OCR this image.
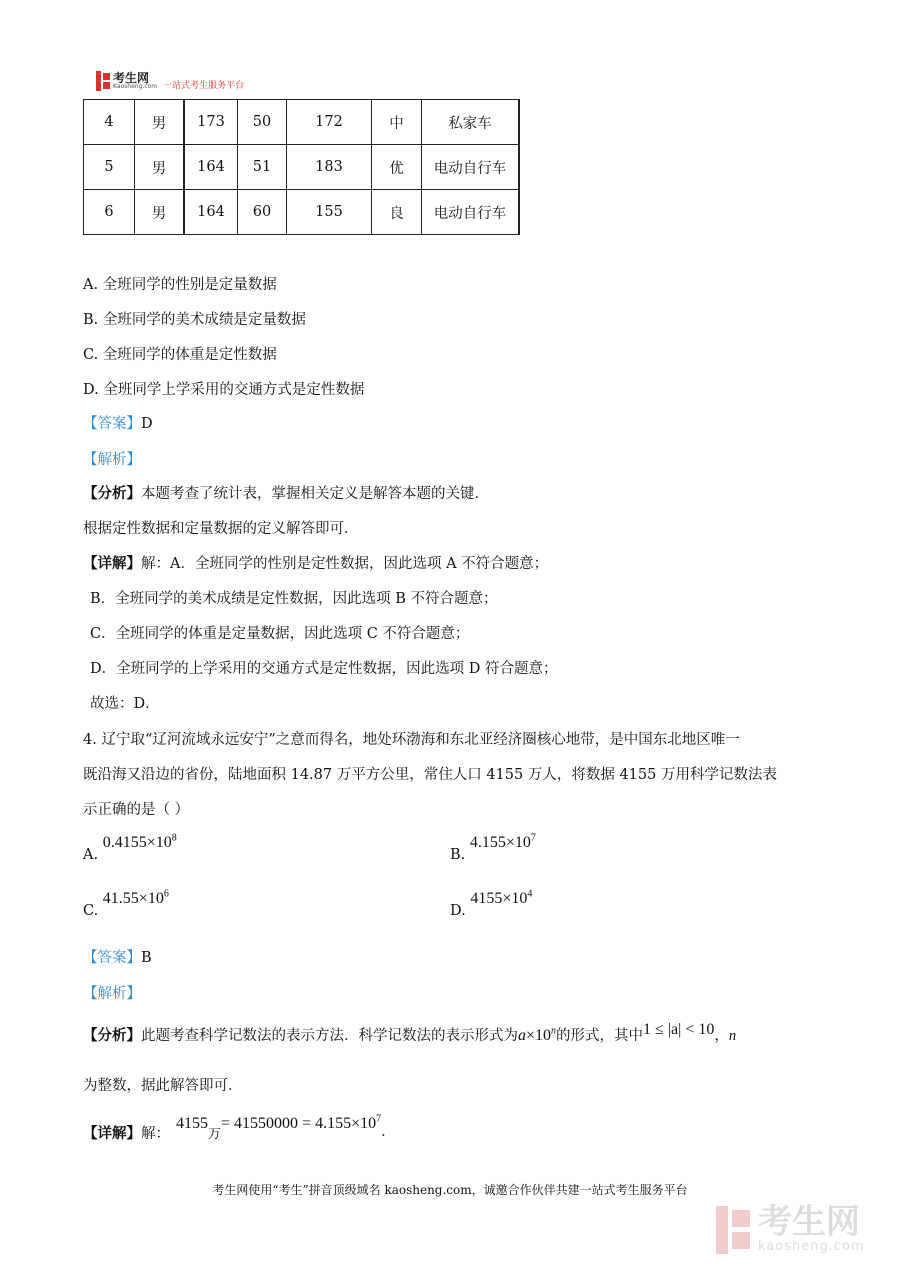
考生网
Kaosheng.com 一站式考生服务平台
4	男	173	50	172	中	私家车
5	男	164	51	183	优	电动自行车
6	男	164	60	155	良	电动自行车
A. 全班同学的性别是定量数据
B. 全班同学的美术成绩是定量数据
C. 全班同学的体重是定性数据
D. 全班同学上学采用的交通方式是定性数据
【答案】D
【解析】
【分析】本题考查了统计表，掌握相关定义是解答本题的关键．
根据定性数据和定量数据的定义解答即可．
【详解】解：A．全班同学的性别是定性数据，因此选项 A 不符合题意；
B．全班同学的美术成绩是定性数据，因此选项 B 不符合题意；
C．全班同学的体重是定量数据，因此选项 C 不符合题意；
D．全班同学的上学采用的交通方式是定性数据，因此选项 D 符合题意；
故选：D．
4. 辽宁取“辽河流域永远安宁”之意而得名，地处环渤海和东北亚经济圈核心地带，是中国东北地区唯一
既沿海又沿边的省份，陆地面积 14.87 万平方公里，常住人口 4155 万人，将数据 4155 万用科学记数法表
示正确的是（ ）
A. $0.4155\times 10^8$
B. $4.155\times 10^7$
C. $41.55\times 10^6$
D. $4155\times 10^4$
【答案】B
【解析】
【分析】此题考查科学记数法的表示方法．科学记数法的表示形式为$a\times 10^n$的形式，其中1 ≤ |a| < 10，n
为整数，据此解答即可．
【详解】解：4155万= $41550000 = 4.155\times 10^7$．
考生网使用“考生”拼音顶级域名 kaosheng.com，诚邀合作伙伴共建一站式考生服务平台
考生网
kaosheng.com
